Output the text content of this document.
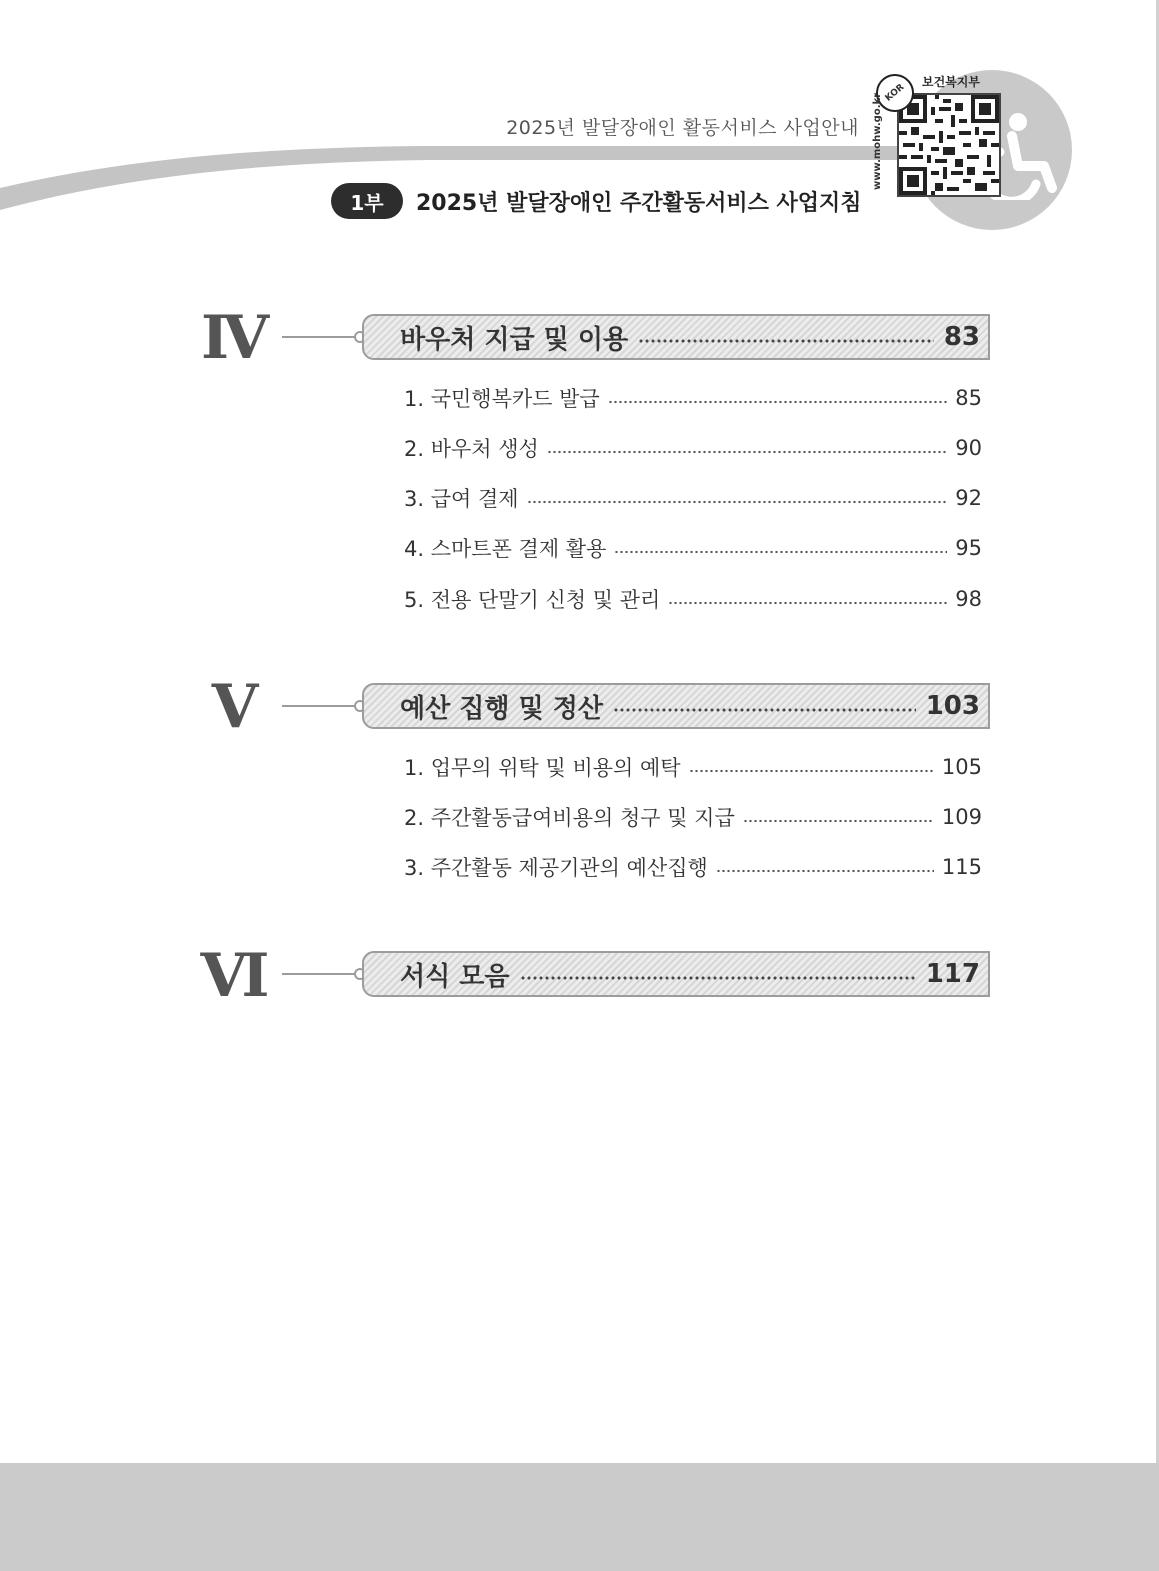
2025년 발달장애인 활동서비스 사업안내
1부	2025년 발달장애인 주간활동서비스 사업지침
보건복지부
KOR
www.mohw.go.kr
Ⅳ	바우처 지급 및 이용	83
1. 국민행복카드 발급	85
2. 바우처 생성	90
3. 급여 결제	92
4. 스마트폰 결제 활용	95
5. 전용 단말기 신청 및 관리	98
Ⅴ	예산 집행 및 정산	103
1. 업무의 위탁 및 비용의 예탁	105
2. 주간활동급여비용의 청구 및 지급	109
3. 주간활동 제공기관의 예산집행	115
Ⅵ	서식 모음	117
